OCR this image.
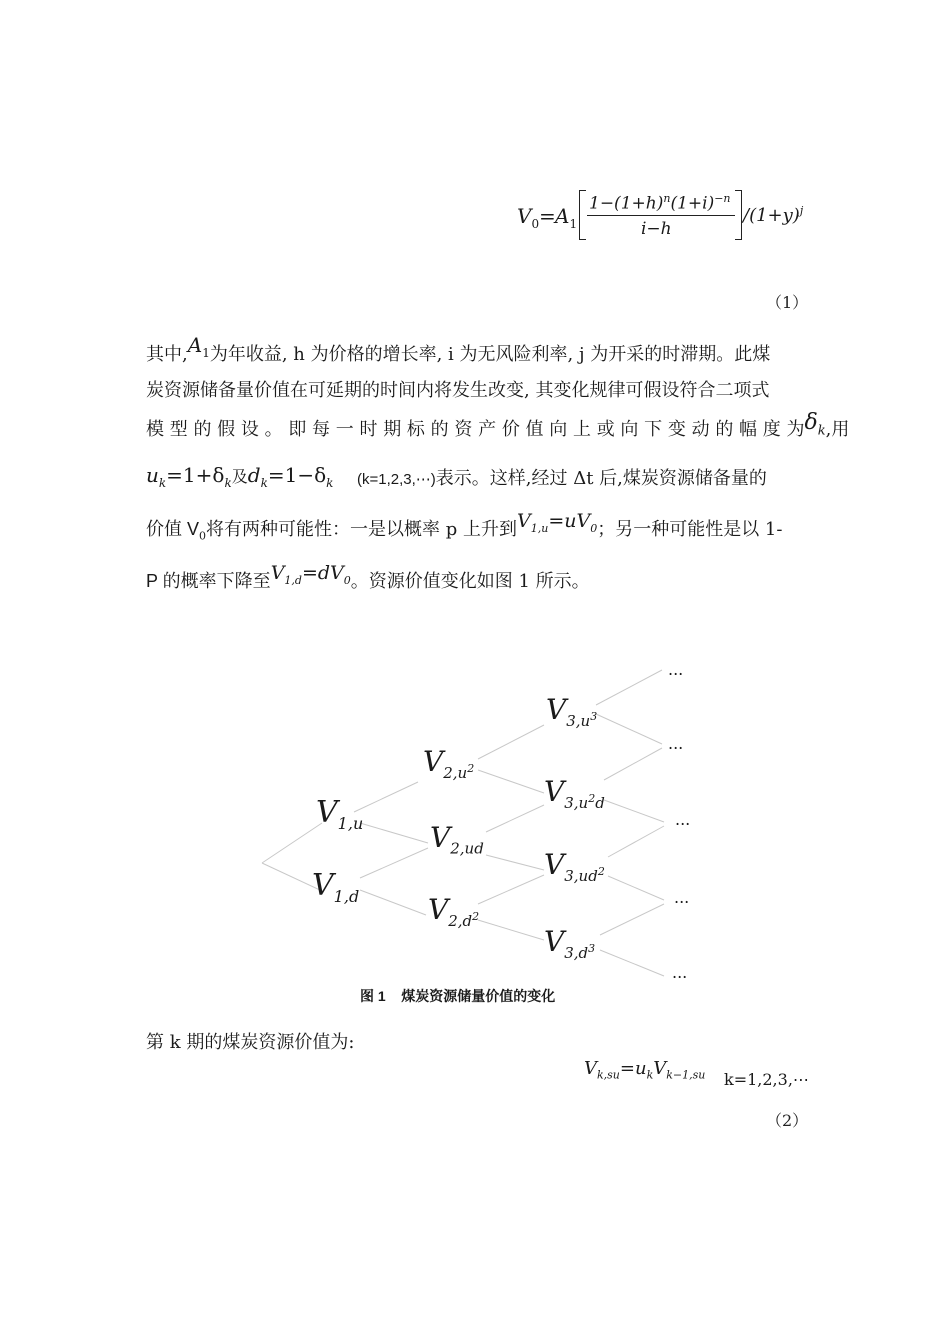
$V_0 = A_1$
$1-(1+h)^n(1+i)^{-n}$
i−h
$/(1+y)^j$
（1）
其中$,A_1$为年收益, h 为价格的增长率, i 为无风险利率, j 为开采的时滞期。此煤
炭资源储备量价值在可延期的时间内将发生改变, 其变化规律可假设符合二项式
模 型 的 假 设 。 即 每 一 时 期 标 的 资 产 价 值 向 上 或 向 下 变 动 的 幅 度 为$\delta_k$,用
$u_k=1+\delta_k$及$d_k=1-\delta_k$ (k=1,2,3,⋯)表示。这样,经过 Δt 后,煤炭资源储备量的
价值 $V_0$将有两种可能性：一是以概率 p 上升到$V_{1,u}=uV_0$；另一种可能性是以 1-
P 的概率下降至$V_{1,d}=dV_0$。资源价值变化如图 1 所示。
$V_{1,u}$
$V_{1,d}$
$V_{2,u^2}$
$V_{2,ud}$
$V_{2,d^2}$
$V_{3,u^3}$
$V_{3,u^2d}$
$V_{3,ud^2}$
$V_{3,d^3}$
...
...
...
...
...
图 1    煤炭资源储量价值的变化
第 k 期的煤炭资源价值为:
$V_{k,su}=u_kV_{k-1,su}$ k=1,2,3,⋯
（2）
